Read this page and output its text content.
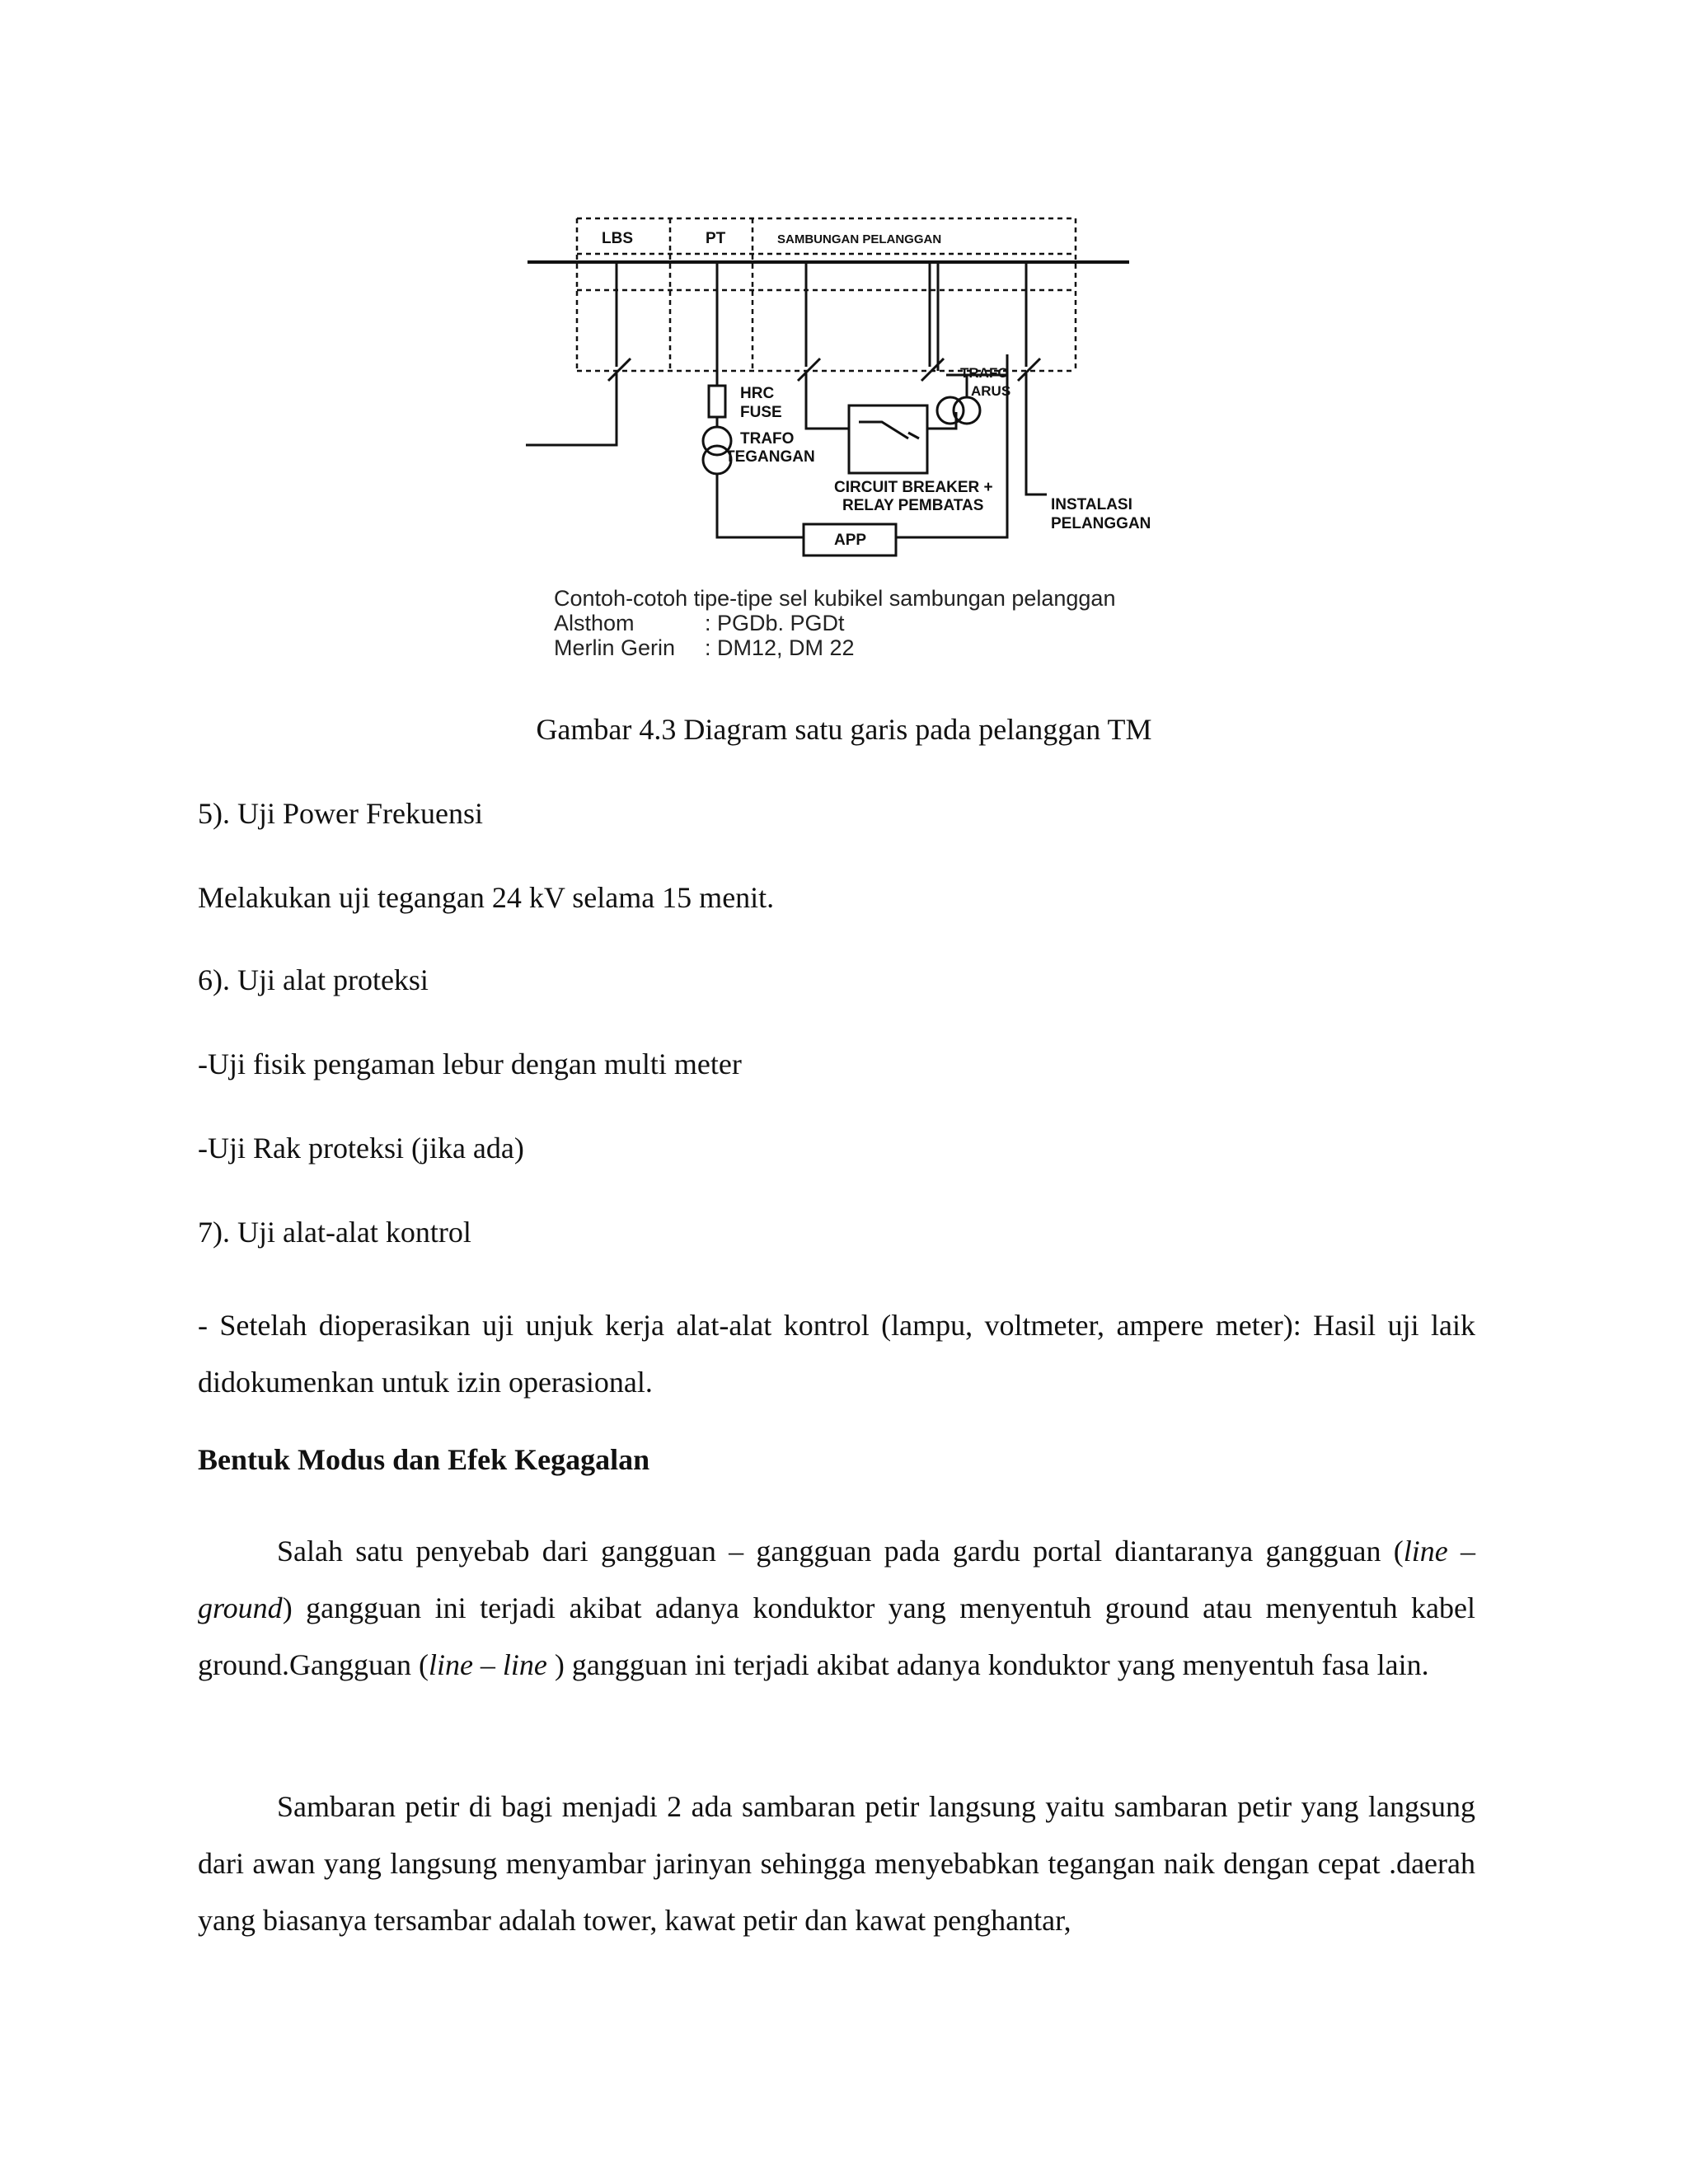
LBS	PT	SAMBUNGAN PELANGGAN
HRC
FUSE
TRAFO
TEGANGAN
TRAFO
ARUS
CIRCUIT BREAKER +
RELAY PEMBATAS	INSTALASI
PELANGGAN
APP
Contoh-cotoh tipe-tipe sel kubikel sambungan pelanggan
Alsthom	: PGDb. PGDt
Merlin Gerin : DM12, DM 22
Gambar 4.3 Diagram satu garis pada pelanggan TM
5). Uji Power Frekuensi
Melakukan uji tegangan 24 kV selama 15 menit.
6). Uji alat proteksi
-Uji fisik pengaman lebur dengan multi meter
-Uji Rak proteksi (jika ada)
7). Uji alat-alat kontrol

- Setelah dioperasikan uji unjuk kerja alat-alat kontrol (lampu, voltmeter, ampere meter): Hasil uji laik didokumenkan untuk izin operasional.

Bentuk Modus dan Efek Kegagalan

Salah satu penyebab dari gangguan – gangguan pada gardu portal diantaranya gangguan (line – ground) gangguan ini terjadi akibat adanya konduktor yang menyentuh ground atau menyentuh kabel ground.Gangguan (line – line ) gangguan ini terjadi akibat adanya konduktor yang menyentuh fasa lain.

Sambaran petir di bagi menjadi 2 ada sambaran petir langsung yaitu sambaran petir yang langsung dari awan yang langsung menyambar jarinyan sehingga menyebabkan tegangan naik dengan cepat .daerah yang biasanya tersambar adalah tower, kawat petir dan kawat penghantar,
